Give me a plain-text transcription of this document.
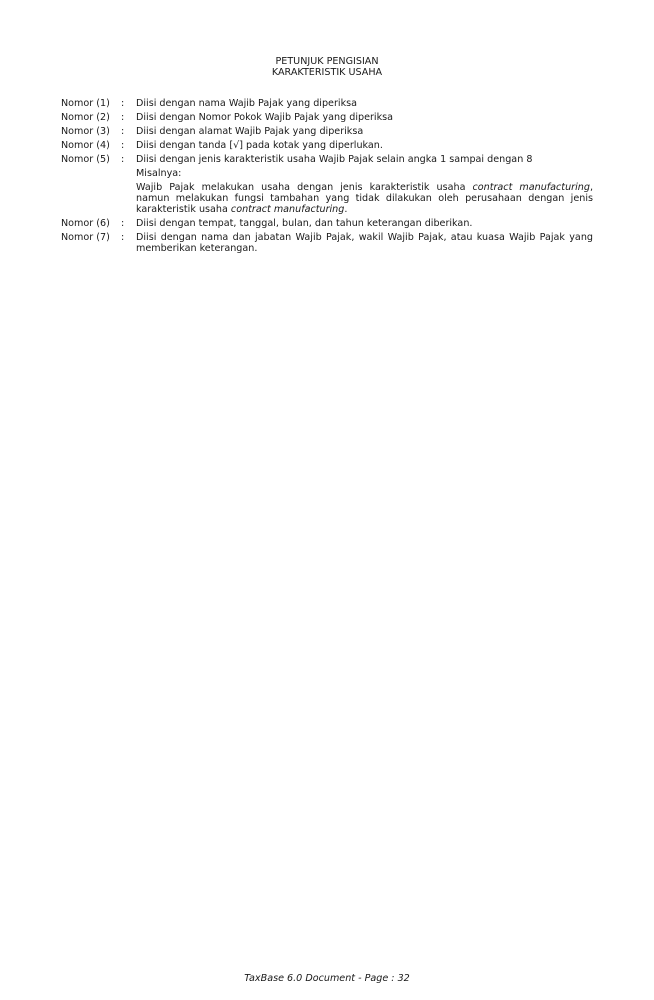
PETUNJUK PENGISIAN
KARAKTERISTIK USAHA
Nomor (1)	:	Diisi dengan nama Wajib Pajak yang diperiksa
Nomor (2)	:	Diisi dengan Nomor Pokok Wajib Pajak yang diperiksa
Nomor (3)	:	Diisi dengan alamat Wajib Pajak yang diperiksa
Nomor (4)	:	Diisi dengan tanda [√] pada kotak yang diperlukan.
Nomor (5)	:	Diisi dengan jenis karakteristik usaha Wajib Pajak selain angka 1 sampai dengan 8
Misalnya:
Wajib Pajak melakukan usaha dengan jenis karakteristik usaha contract manufacturing, namun melakukan fungsi tambahan yang tidak dilakukan oleh perusahaan dengan jenis karakteristik usaha contract manufacturing.
Nomor (6)	:	Diisi dengan tempat, tanggal, bulan, dan tahun keterangan diberikan.
Nomor (7)	:	Diisi dengan nama dan jabatan Wajib Pajak, wakil Wajib Pajak, atau kuasa Wajib Pajak yang memberikan keterangan.
TaxBase 6.0 Document - Page : 32
